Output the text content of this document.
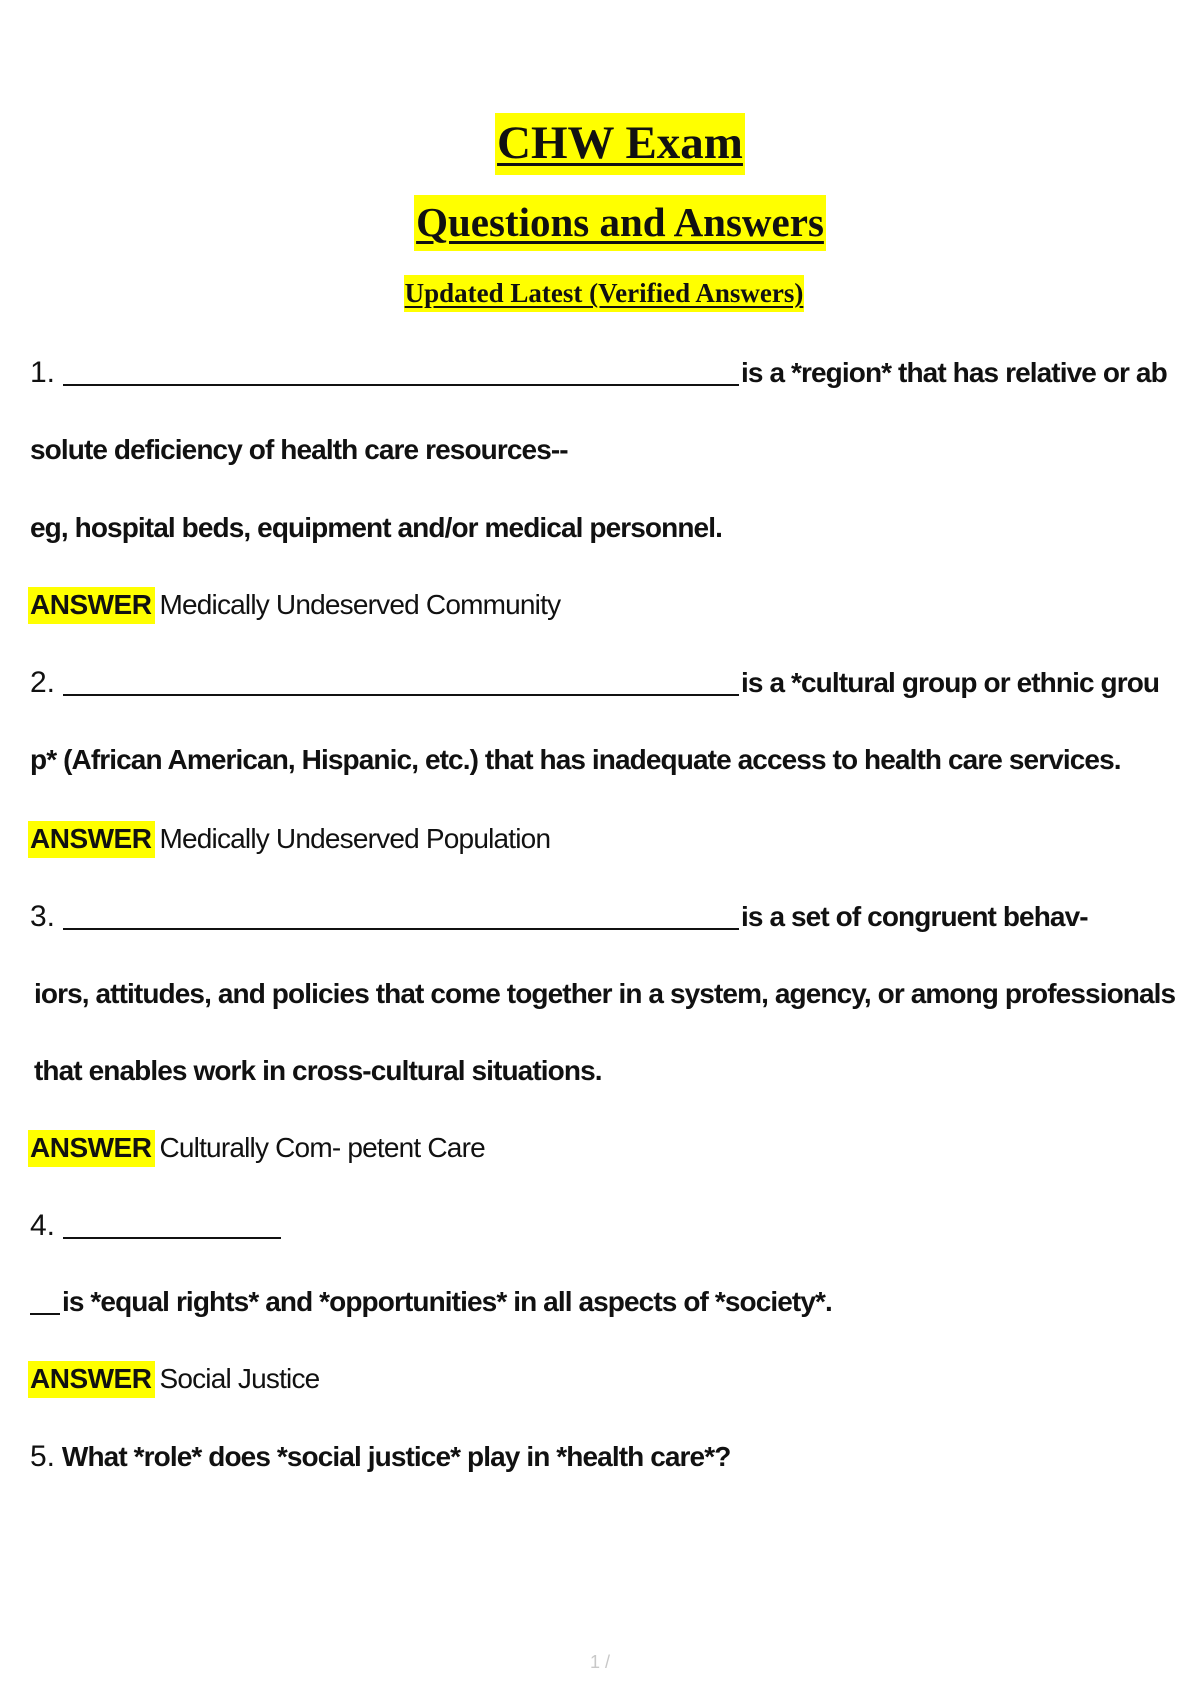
CHW Exam
Questions and Answers
Updated Latest (Verified Answers)
1.	is a *region* that has relative or ab
solute deficiency of health care resources--
eg, hospital beds, equipment and/or medical personnel.
ANSWER Medically Undeserved Community
2.	is a *cultural group or ethnic grou
p* (African American, Hispanic, etc.) that has inadequate access to health care services.
ANSWER Medically Undeserved Population
3.	is a set of congruent behav-
iors, attitudes, and policies that come together in a system, agency, or among professionals
that enables work in cross-cultural situations.
ANSWER Culturally Com- petent Care
4.
is *equal rights* and *opportunities* in all aspects of *society*.
ANSWER Social Justice
5. What *role* does *social justice* play in *health care*?
1 /
